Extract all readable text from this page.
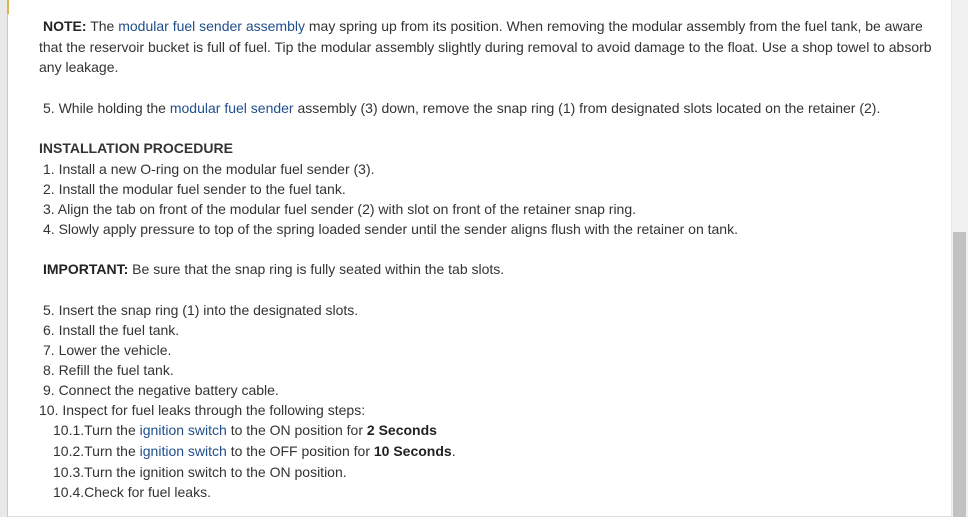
NOTE: The modular fuel sender assembly may spring up from its position. When removing the modular assembly from the fuel tank, be aware that the reservoir bucket is full of fuel. Tip the modular assembly slightly during removal to avoid damage to the float. Use a shop towel to absorb any leakage.
5. While holding the modular fuel sender assembly (3) down, remove the snap ring (1) from designated slots located on the retainer (2).
INSTALLATION PROCEDURE
1. Install a new O-ring on the modular fuel sender (3).
2. Install the modular fuel sender to the fuel tank.
3. Align the tab on front of the modular fuel sender (2) with slot on front of the retainer snap ring.
4. Slowly apply pressure to top of the spring loaded sender until the sender aligns flush with the retainer on tank.
IMPORTANT: Be sure that the snap ring is fully seated within the tab slots.
5. Insert the snap ring (1) into the designated slots.
6. Install the fuel tank.
7. Lower the vehicle.
8. Refill the fuel tank.
9. Connect the negative battery cable.
10. Inspect for fuel leaks through the following steps:
10.1.Turn the ignition switch to the ON position for 2 Seconds
10.2.Turn the ignition switch to the OFF position for 10 Seconds.
10.3.Turn the ignition switch to the ON position.
10.4.Check for fuel leaks.
